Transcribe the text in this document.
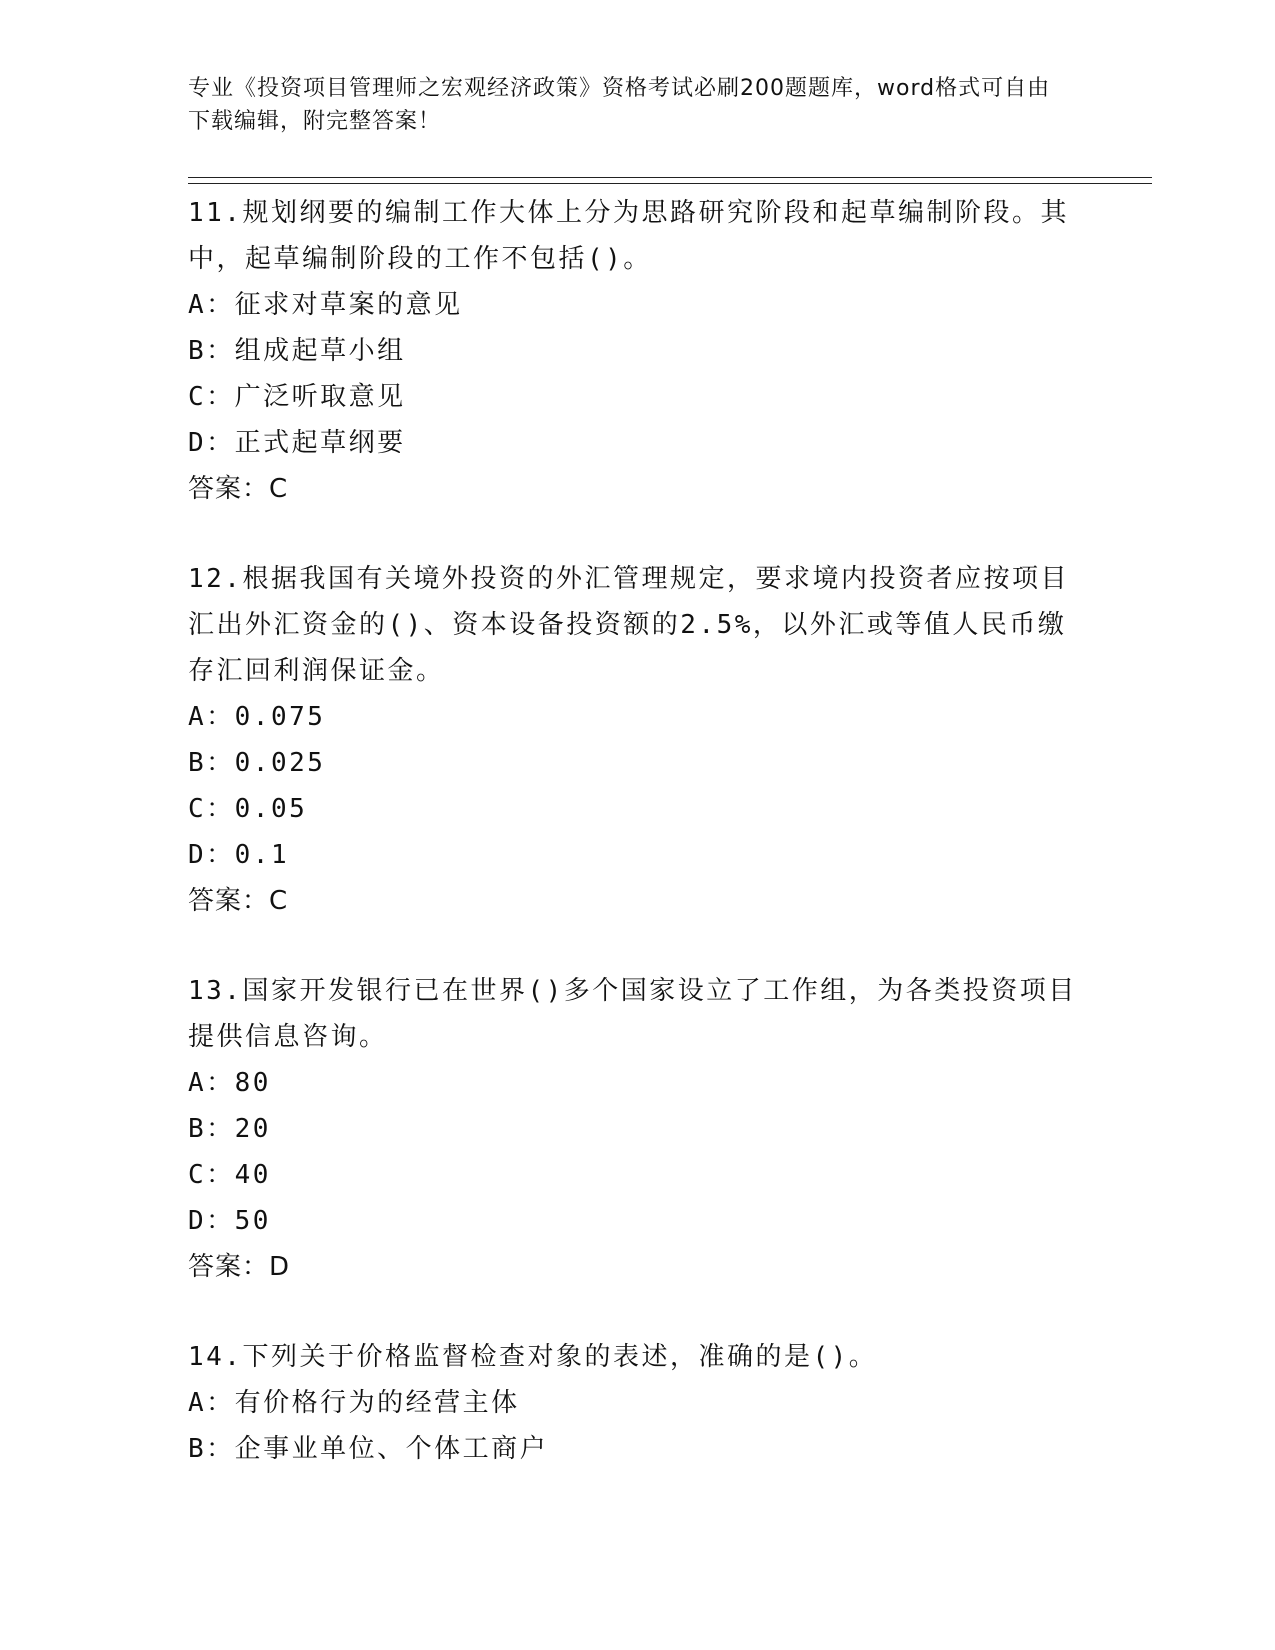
专业《投资项目管理师之宏观经济政策》资格考试必刷200题题库，word格式可自由下载编辑，附完整答案！

11.规划纲要的编制工作大体上分为思路研究阶段和起草编制阶段。其中，起草编制阶段的工作不包括()。

A：征求对草案的意见

B：组成起草小组

C：广泛听取意见

D：正式起草纲要

答案：C

12.根据我国有关境外投资的外汇管理规定，要求境内投资者应按项目汇出外汇资金的()、资本设备投资额的2.5%，以外汇或等值人民币缴存汇回利润保证金。

A：0.075

B：0.025

C：0.05

D：0.1

答案：C

13.国家开发银行已在世界()多个国家设立了工作组，为各类投资项目提供信息咨询。

A：80

B：20

C：40

D：50

答案：D

14.下列关于价格监督检查对象的表述，准确的是()。

A：有价格行为的经营主体

B：企事业单位、个体工商户
